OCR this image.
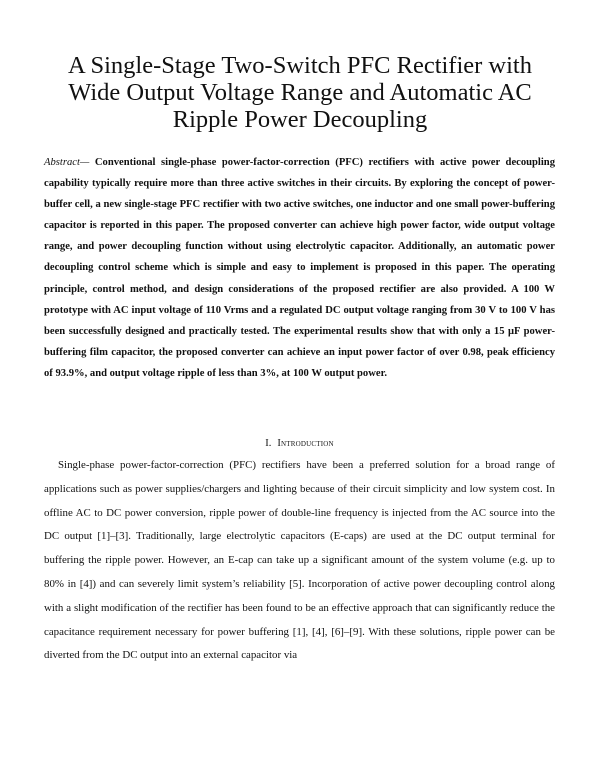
A Single-Stage Two-Switch PFC Rectifier with Wide Output Voltage Range and Automatic AC Ripple Power Decoupling

Abstract— Conventional single-phase power-factor-correction (PFC) rectifiers with active power decoupling capability typically require more than three active switches in their circuits. By exploring the concept of power-buffer cell, a new single-stage PFC rectifier with two active switches, one inductor and one small power-buffering capacitor is reported in this paper. The proposed converter can achieve high power factor, wide output voltage range, and power decoupling function without using electrolytic capacitor. Additionally, an automatic power decoupling control scheme which is simple and easy to implement is proposed in this paper. The operating principle, control method, and design considerations of the proposed rectifier are also provided. A 100 W prototype with AC input voltage of 110 Vrms and a regulated DC output voltage ranging from 30 V to 100 V has been successfully designed and practically tested. The experimental results show that with only a 15 μF power-buffering film capacitor, the proposed converter can achieve an input power factor of over 0.98, peak efficiency of 93.9%, and output voltage ripple of less than 3%, at 100 W output power.

I. Introduction

Single-phase power-factor-correction (PFC) rectifiers have been a preferred solution for a broad range of applications such as power supplies/chargers and lighting because of their circuit simplicity and low system cost. In offline AC to DC power conversion, ripple power of double-line frequency is injected from the AC source into the DC output [1]–[3]. Traditionally, large electrolytic capacitors (E-caps) are used at the DC output terminal for buffering the ripple power. However, an E-cap can take up a significant amount of the system volume (e.g. up to 80% in [4]) and can severely limit system’s reliability [5]. Incorporation of active power decoupling control along with a slight modification of the rectifier has been found to be an effective approach that can significantly reduce the capacitance requirement necessary for power buffering [1], [4], [6]–[9]. With these solutions, ripple power can be diverted from the DC output into an external capacitor via
